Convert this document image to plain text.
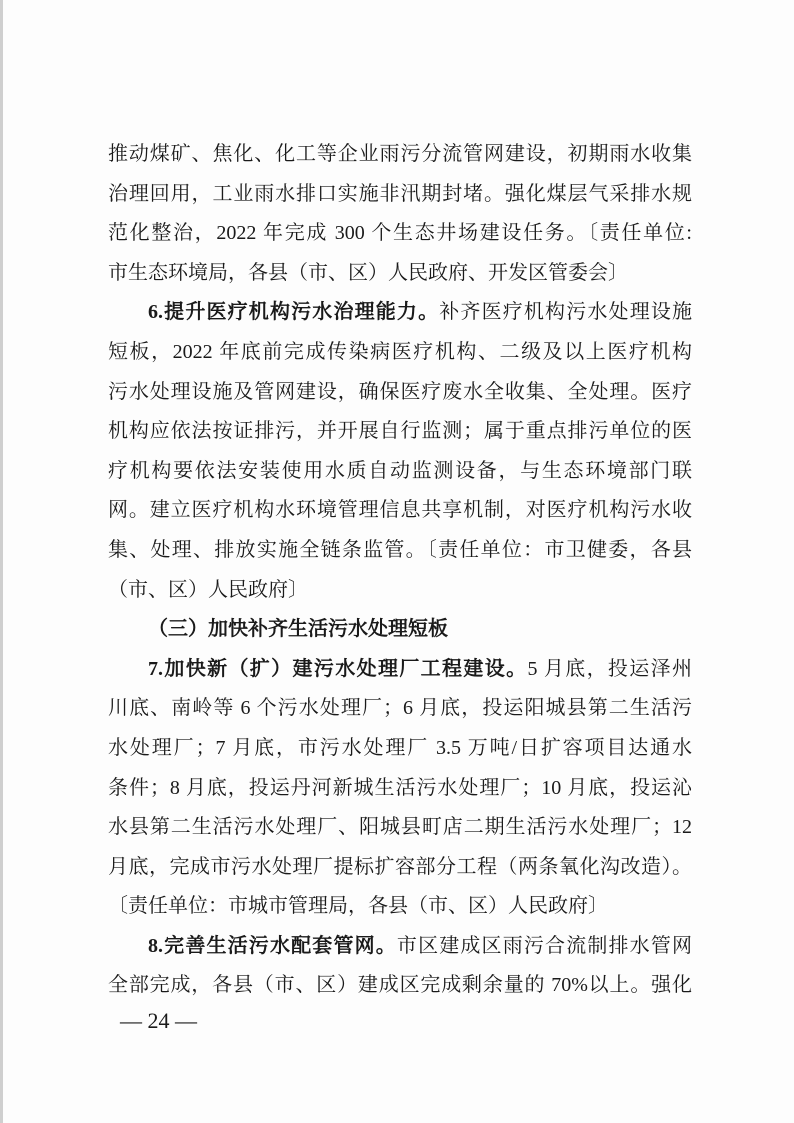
推动煤矿、焦化、化工等企业雨污分流管网建设，初期雨水收集
治理回用，工业雨水排口实施非汛期封堵。强化煤层气采排水规
范化整治，2022 年完成 300 个生态井场建设任务。〔责任单位:
市生态环境局，各县（市、区）人民政府、开发区管委会〕
6.提升医疗机构污水治理能力。补齐医疗机构污水处理设施
短板，2022 年底前完成传染病医疗机构、二级及以上医疗机构
污水处理设施及管网建设，确保医疗废水全收集、全处理。医疗
机构应依法按证排污，并开展自行监测；属于重点排污单位的医
疗机构要依法安装使用水质自动监测设备，与生态环境部门联
网。建立医疗机构水环境管理信息共享机制，对医疗机构污水收
集、处理、排放实施全链条监管。〔责任单位：市卫健委，各县
（市、区）人民政府〕
（三）加快补齐生活污水处理短板
7.加快新（扩）建污水处理厂工程建设。5 月底，投运泽州
川底、南岭等 6 个污水处理厂；6 月底，投运阳城县第二生活污
水处理厂；7 月底，市污水处理厂 3.5 万吨/日扩容项目达通水
条件；8 月底，投运丹河新城生活污水处理厂；10 月底，投运沁
水县第二生活污水处理厂、阳城县町店二期生活污水处理厂；12
月底，完成市污水处理厂提标扩容部分工程（两条氧化沟改造）。
〔责任单位：市城市管理局，各县（市、区）人民政府〕
8.完善生活污水配套管网。市区建成区雨污合流制排水管网
全部完成，各县（市、区）建成区完成剩余量的 70%以上。强化
— 24 —
